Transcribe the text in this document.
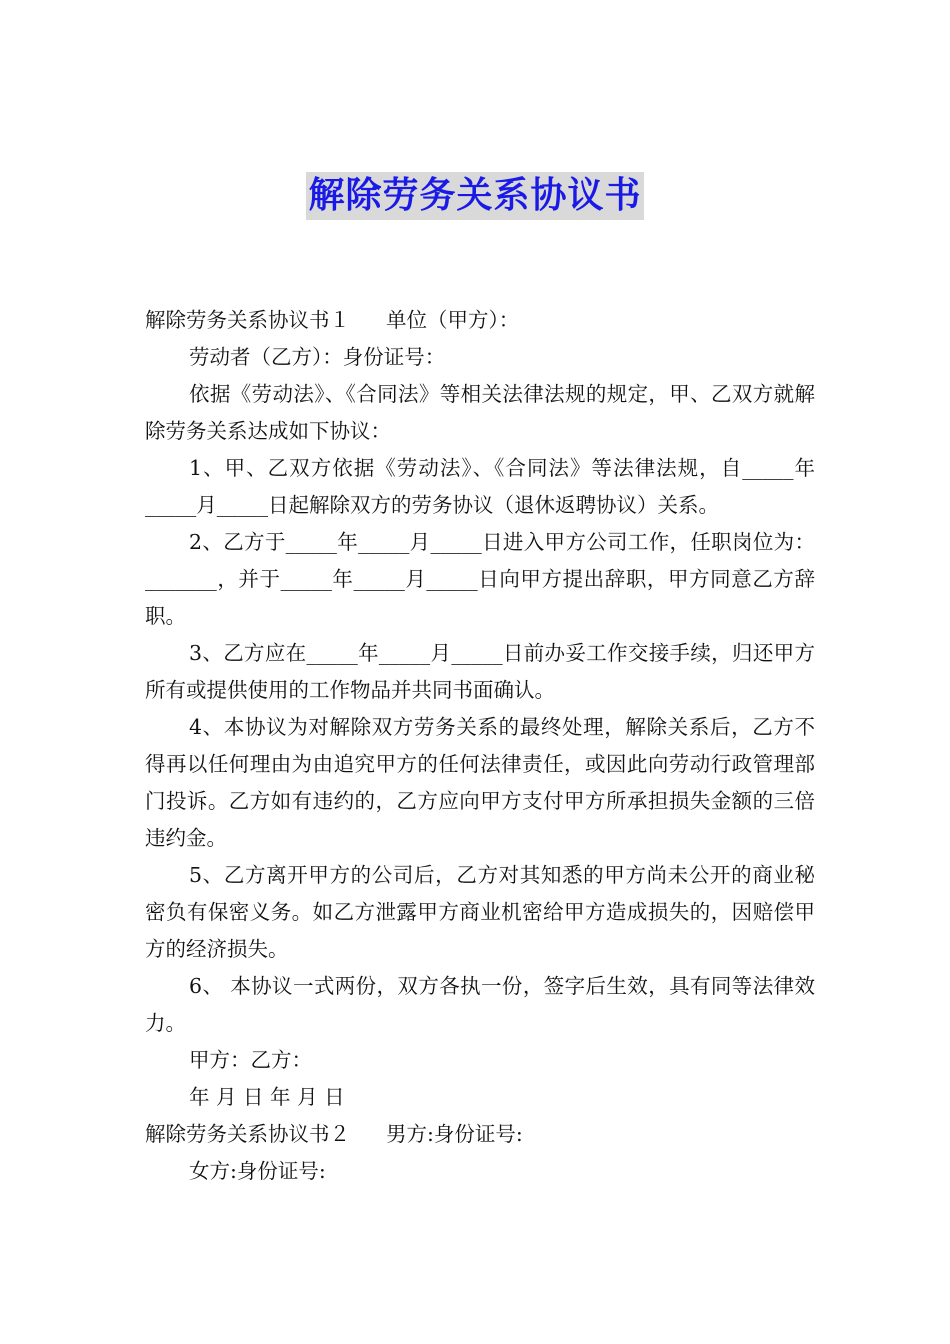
解除劳务关系协议书

解除劳务关系协议书１ 单位（甲方）：

劳动者（乙方）：身份证号：

依据《劳动法》、《合同法》等相关法律法规的规定，甲、乙双方就解除劳务关系达成如下协议：

1、甲、乙双方依据《劳动法》、《合同法》等法律法规，自_____年_____月_____日起解除双方的劳务协议（退休返聘协议）关系。

2、乙方于_____年_____月_____日进入甲方公司工作，任职岗位为：_______，并于_____年_____月_____日向甲方提出辞职，甲方同意乙方辞职。

3、乙方应在_____年_____月_____日前办妥工作交接手续，归还甲方所有或提供使用的工作物品并共同书面确认。

4、本协议为对解除双方劳务关系的最终处理，解除关系后，乙方不得再以任何理由为由追究甲方的任何法律责任，或因此向劳动行政管理部门投诉。乙方如有违约的，乙方应向甲方支付甲方所承担损失金额的三倍违约金。

5、乙方离开甲方的公司后，乙方对其知悉的甲方尚未公开的商业秘密负有保密义务。如乙方泄露甲方商业机密给甲方造成损失的，因赔偿甲方的经济损失。

6、 本协议一式两份，双方各执一份，签字后生效，具有同等法律效力。

甲方：乙方：

年 月 日 年 月 日

解除劳务关系协议书２ 男方:身份证号:

女方:身份证号:
